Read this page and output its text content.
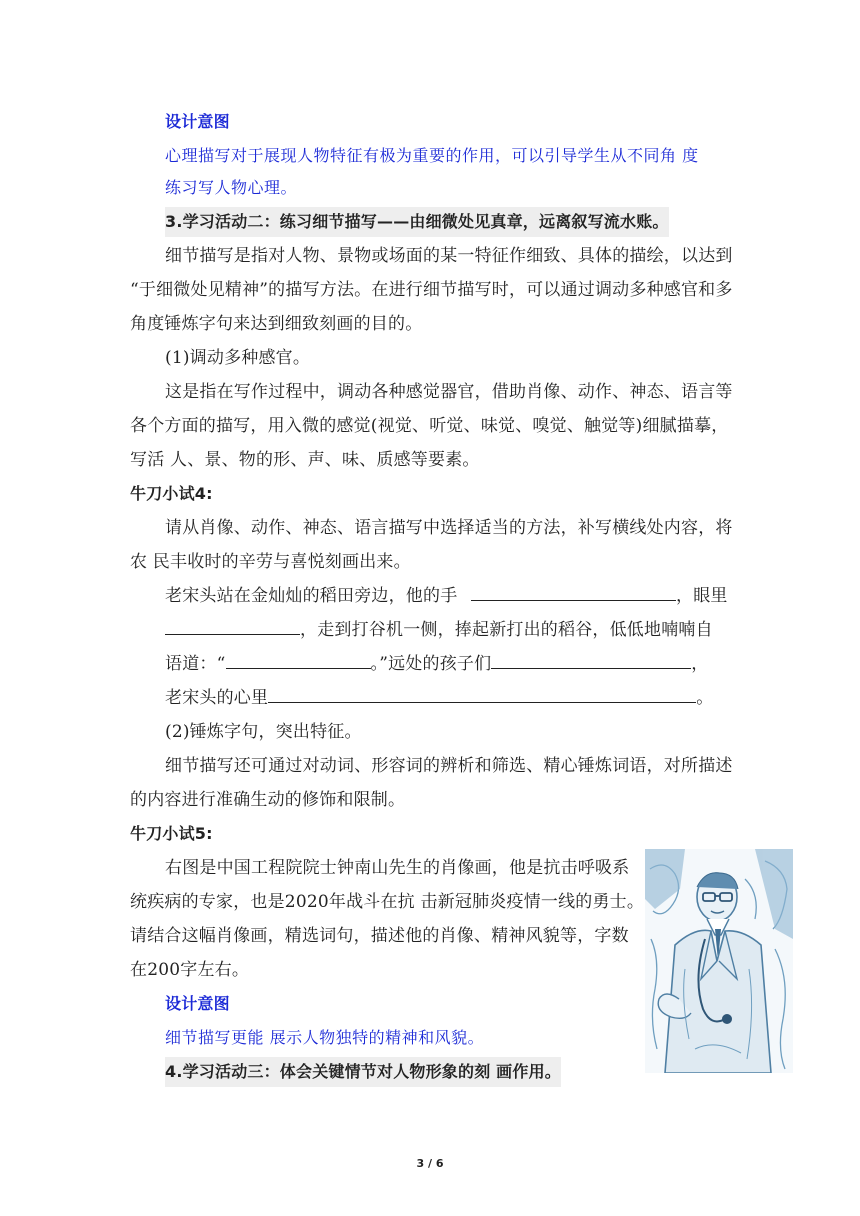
设计意图
心理描写对于展现人物特征有极为重要的作用，可以引导学生从不同角 度
练习写人物心理。
3.学习活动二：练习细节描写——由细微处见真章，远离叙写流水账。
细节描写是指对人物、景物或场面的某一特征作细致、具体的描绘，以达到
“于细微处见精神”的描写方法。在进行细节描写时，可以通过调动多种感官和多
角度锤炼字句来达到细致刻画的目的。
(1)调动多种感官。
这是指在写作过程中，调动各种感觉器官，借助肖像、动作、神态、语言等
各个方面的描写，用入微的感觉(视觉、听觉、味觉、嗅觉、触觉等)细腻描摹，
写活 人、景、物的形、声、味、质感等要素。
牛刀小试4:
请从肖像、动作、神态、语言描写中选择适当的方法，补写横线处内容，将
农 民丰收时的辛劳与喜悦刻画出来。
老宋头站在金灿灿的稻田旁边，他的手	，眼里
，走到打谷机一侧，捧起新打出的稻谷，低低地喃喃自
语道：“	。”远处的孩子们	，
老宋头的心里	。
(2)锤炼字句，突出特征。
细节描写还可通过对动词、形容词的辨析和筛选、精心锤炼词语，对所描述
的内容进行准确生动的修饰和限制。
牛刀小试5:
右图是中国工程院院士钟南山先生的肖像画，他是抗击呼吸系
统疾病的专家，也是2020年战斗在抗 击新冠肺炎疫情一线的勇士。
请结合这幅肖像画，精选词句，描述他的肖像、精神风貌等，字数
在200字左右。
设计意图
细节描写更能 展示人物独特的精神和风貌。
4.学习活动三：体会关键情节对人物形象的刻 画作用。
3 / 6
